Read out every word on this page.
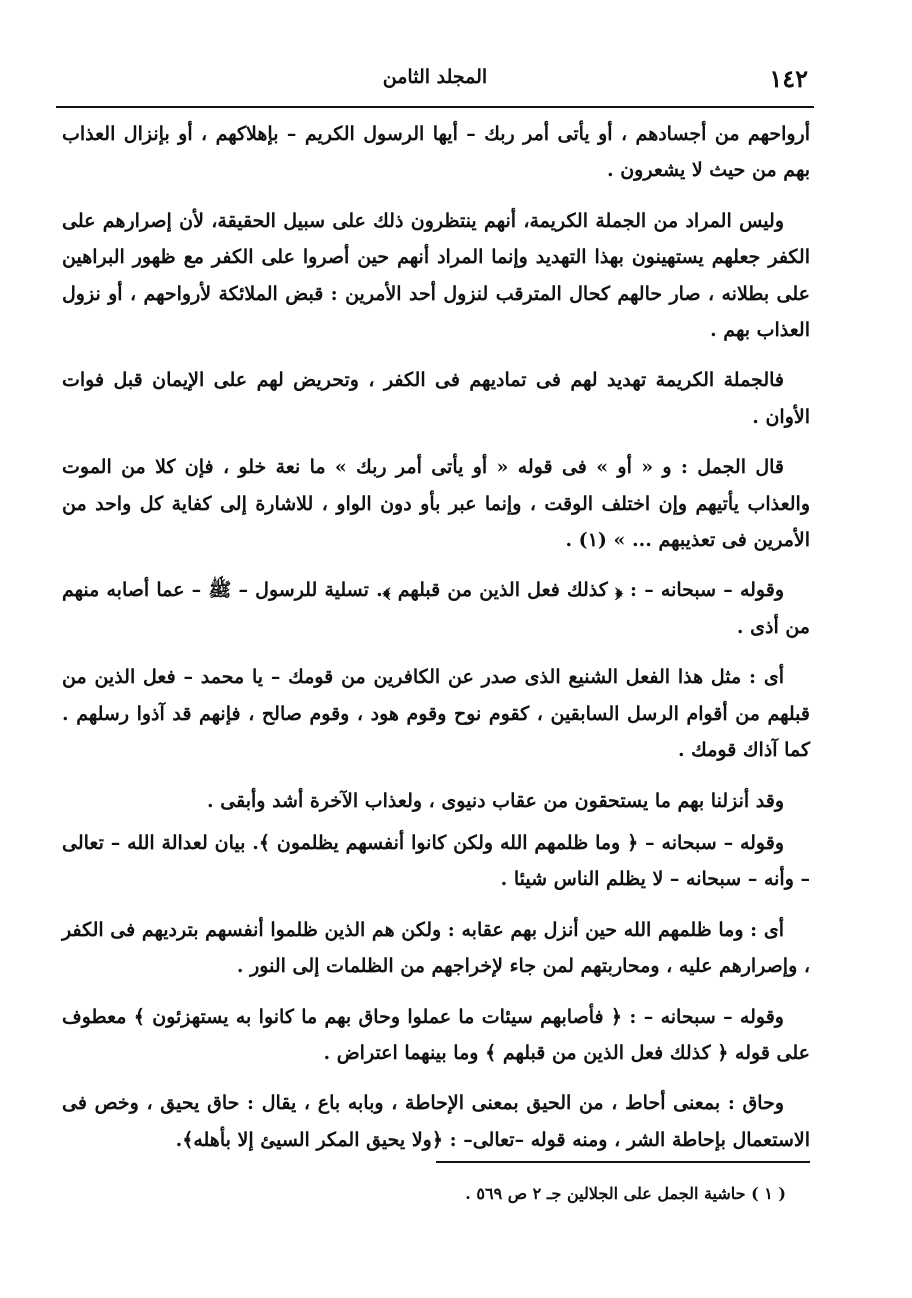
١٤٢
المجلد الثامن

أرواحهم من أجسادهم ، أو يأتى أمر ربك – أيها الرسول الكريم – بإهلاكهم ، أو بإنزال العذاب بهم من حيث لا يشعرون .

وليس المراد من الجملة الكريمة، أنهم ينتظرون ذلك على سبيل الحقيقة، لأن إصرارهم على الكفر جعلهم يستهينون بهذا التهديد وإنما المراد أنهم حين أصروا على الكفر مع ظهور البراهين على بطلانه ، صار حالهم كحال المترقب لنزول أحد الأمرين : قبض الملائكة لأرواحهم ، أو نزول العذاب بهم .

فالجملة الكريمة تهديد لهم فى تماديهم فى الكفر ، وتحريض لهم على الإيمان قبل فوات الأوان .

قال الجمل : و « أو » فى قوله « أو يأتى أمر ربك » ما نعة خلو ، فإن كلا من الموت والعذاب يأتيهم وإن اختلف الوقت ، وإنما عبر بأو دون الواو ، للاشارة إلى كفاية كل واحد من الأمرين فى تعذيبهم ... » (١) .

وقوله – سبحانه – : ﴿ كذلك فعل الذين من قبلهم ﴾. تسلية للرسول – ﷺ – عما أصابه منهم من أذى .

أى : مثل هذا الفعل الشنيع الذى صدر عن الكافرين من قومك – يا محمد – فعل الذين من قبلهم من أقوام الرسل السابقين ، كقوم نوح وقوم هود ، وقوم صالح ، فإنهم قد آذوا رسلهم . كما آذاك قومك .

وقد أنزلنا بهم ما يستحقون من عقاب دنيوى ، ولعذاب الآخرة أشد وأبقى .

وقوله – سبحانه – ﴿ وما ظلمهم الله ولكن كانوا أنفسهم يظلمون ﴾. بيان لعدالة الله – تعالى – وأنه – سبحانه – لا يظلم الناس شيئا .

أى : وما ظلمهم الله حين أنزل بهم عقابه : ولكن هم الذين ظلموا أنفسهم بترديهم فى الكفر ، وإصرارهم عليه ، ومحاربتهم لمن جاء لإخراجهم من الظلمات إلى النور .

وقوله – سبحانه – : ﴿ فأصابهم سيئات ما عملوا وحاق بهم ما كانوا به يستهزئون ﴾ معطوف على قوله ﴿ كذلك فعل الذين من قبلهم ﴾ وما بينهما اعتراض .

وحاق : بمعنى أحاط ، من الحيق بمعنى الإحاطة ، وبابه باع ، يقال : حاق يحيق ، وخص فى الاستعمال بإحاطة الشر ، ومنه قوله –تعالى– : ﴿ولا يحيق المكر السيئ إلا بأهله﴾.

( ١ ) حاشية الجمل على الجلالين جـ ٢ ص ٥٦٩ .
